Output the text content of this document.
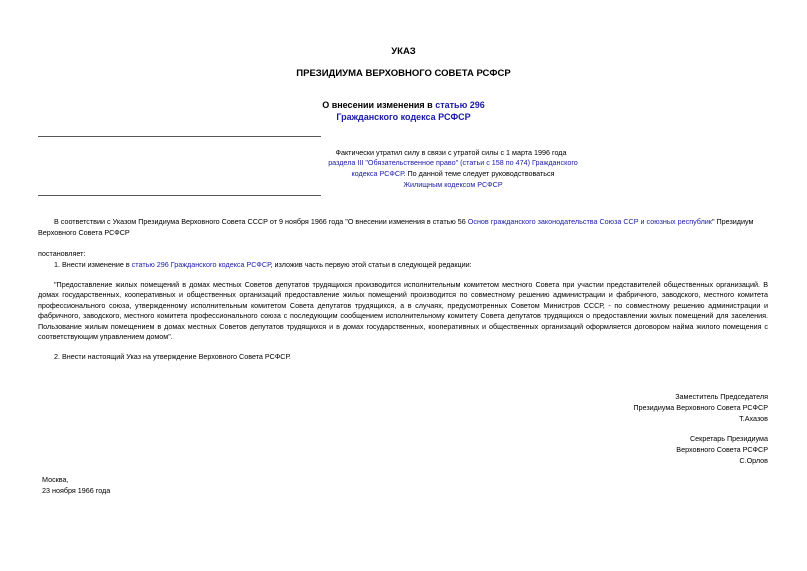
УКАЗ
ПРЕЗИДИУМА ВЕРХОВНОГО СОВЕТА РСФСР
О внесении изменения в статью 296
Гражданского кодекса РСФСР
Фактически утратил силу в связи с утратой силы с 1 марта 1996 года
раздела III "Обязательственное право" (статьи с 158 по 474) Гражданского
кодекса РСФСР. По данной теме следует руководствоваться
Жилищным кодексом РСФСР
В соответствии с Указом Президиума Верховного Совета СССР от 9 ноября 1966 года "О внесении изменения в статью 56 Основ гражданского законодательства Союза ССР и союзных республик" Президиум
Верховного Совета РСФСР
постановляет:
1. Внести изменение в статью 296 Гражданского кодекса РСФСР, изложив часть первую этой статьи в следующей редакции:
"Предоставление жилых помещений в домах местных Советов депутатов трудящихся производится исполнительным комитетом местного Совета при участии представителей общественных организаций. В домах государственных, кооперативных и общественных организаций предоставление жилых помещений производится по совместному решению администрации и фабричного, заводского, местного комитета профессионального союза, утвержденному исполнительным комитетом Совета депутатов трудящихся, а в случаях, предусмотренных Советом Министров СССР, - по совместному решению администрации и фабричного, заводского, местного комитета профессионального союза с последующим сообщением исполнительному комитету Совета депутатов трудящихся о предоставлении жилых помещений для заселения. Пользование жилым помещением в домах местных Советов депутатов трудящихся и в домах государственных, кооперативных и общественных организаций оформляется договором найма жилого помещения с соответствующим управлением домом".
2. Внести настоящий Указ на утверждение Верховного Совета РСФСР.
Заместитель Председателя
Президиума Верховного Совета РСФСР
Т.Ахазов
Секретарь Президиума
Верховного Совета РСФСР
С.Орлов
Москва,
23 ноября 1966 года
